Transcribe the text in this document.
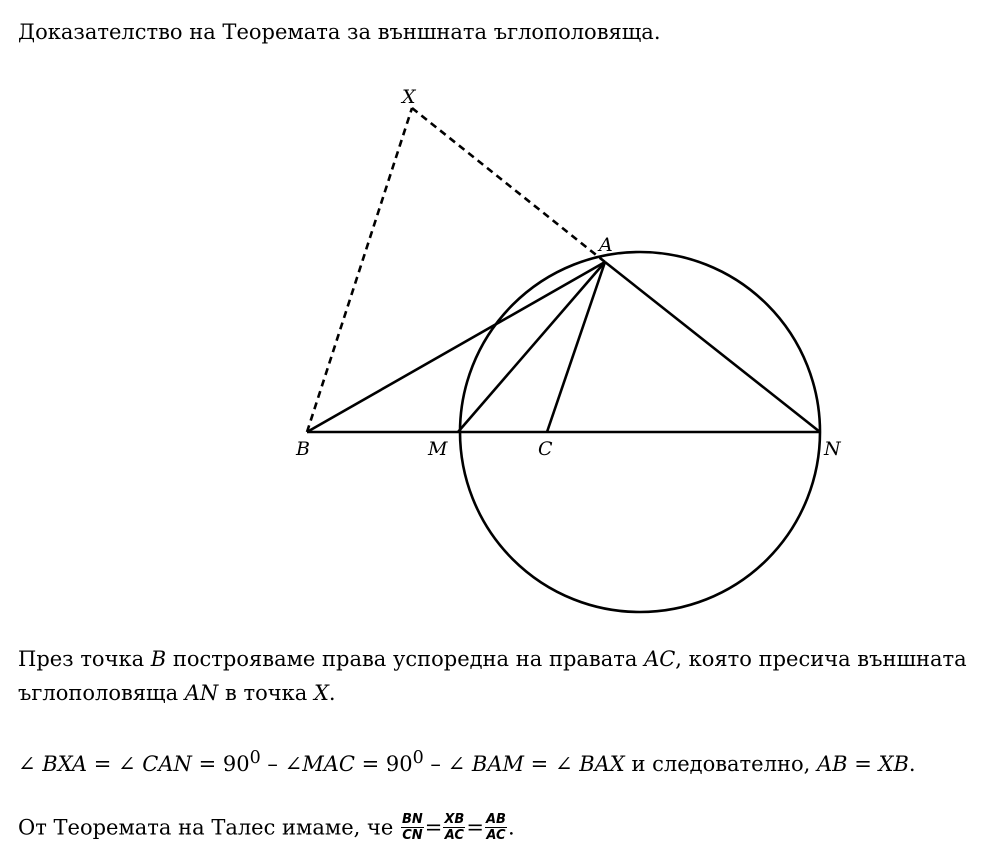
Доказателство на Теоремата за външната ъглополовяща.
X
A
B	M	C	N
През точка B построяваме права успоредна на правата AC, която пресича външната
ъглополовяща AN в точка X.
∠ BXA = ∠ CAN = $90^0$ – ∠MAC = $90^0$ – ∠ BAM = ∠ BAX и следователно, AB = XB.
От Теоремата на Талес имаме, че $\frac{BN}{CN} = \frac{XB}{AC} = \frac{AB}{AC}$ .
